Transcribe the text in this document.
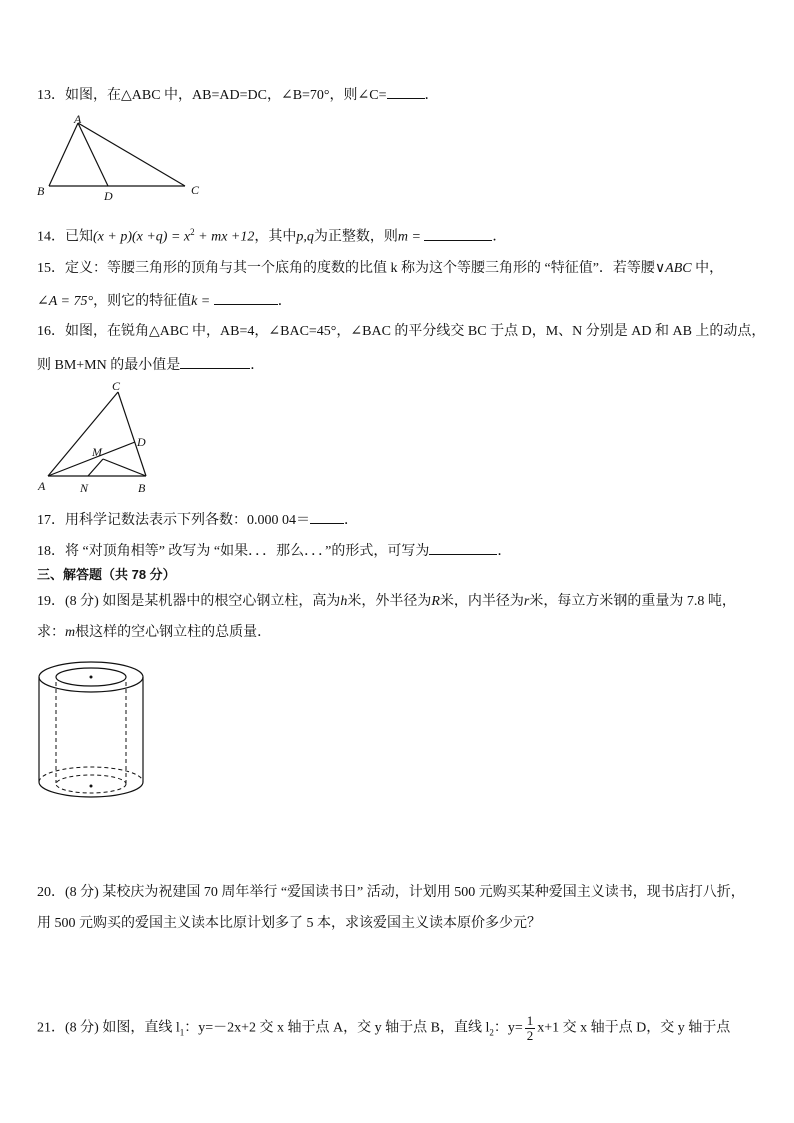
13．如图，在△ABC 中，AB=AD=DC，∠B=70°，则∠C=	．
A
B	D	C
14．已知$(x + p)(x +q) = x^2$ + mx +12，其中p,q为正整数，则m =	．
15．定义：等腰三角形的顶角与其一个底角的度数的比值 k 称为这个等腰三角形的 “特征值”．若等腰∨ABC 中，
∠A = 75°，则它的特征值k =	．
16．如图，在锐角△ABC 中，AB=4，∠BAC=45°，∠BAC 的平分线交 BC 于点 D，M、N 分别是 AD 和 AB 上的动点，
则 BM+MN 的最小值是	．
C
D
M
A	N	B
17．用科学记数法表示下列各数：0.000 04＝ ．
18．将 “对顶角相等” 改写为 “如果．．．那么．．．”的形式，可写为	．
三、解答题（共 78 分）
19．(8 分) 如图是某机器中的根空心钢立柱，高为h米，外半径为R米，内半径为r米，每立方米钢的重量为 7.8 吨，
求：m根这样的空心钢立柱的总质量．
20．(8 分) 某校庆为祝建国 70 周年举行 “爱国读书日” 活动，计划用 500 元购买某种爱国主义读书，现书店打八折，
用 500 元购买的爱国主义读本比原计划多了 5 本，求该爱国主义读本原价多少元？
21．(8 分) 如图，直线 $l_1$：y=－2x+2 交 x 轴于点 A，交 y 轴于点 B，直线 $l_2$：$y= \frac{1}{2} x+1$ 交 x 轴于点 D，交 y 轴于点
